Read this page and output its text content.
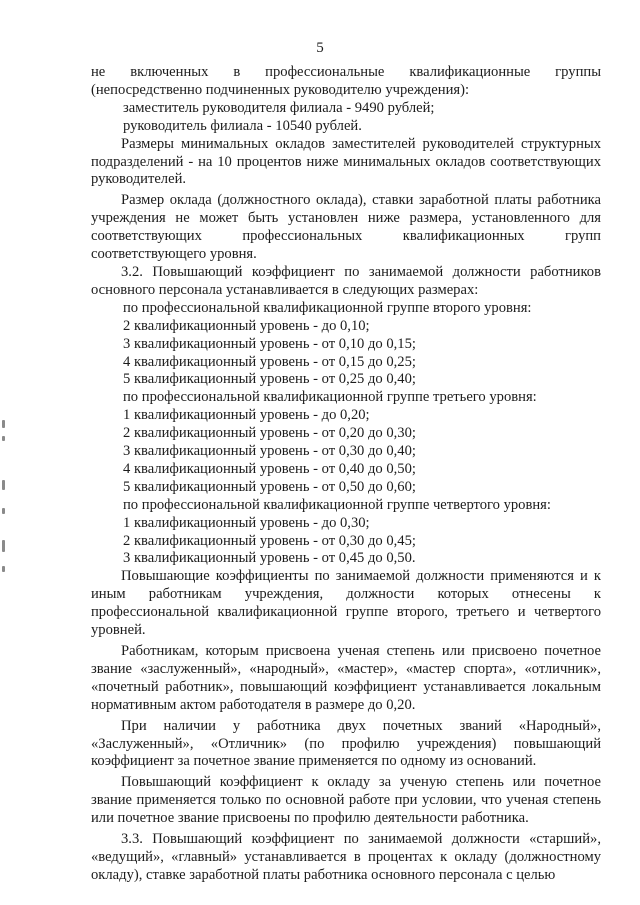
5

не включенных в профессиональные квалификационные группы

(непосредственно подчиненных руководителю учреждения):

заместитель руководителя филиала - 9490 рублей;

руководитель филиала - 10540 рублей.

Размеры минимальных окладов заместителей руководителей структурных подразделений - на 10 процентов ниже минимальных окладов соответствующих руководителей.

Размер оклада (должностного оклада), ставки заработной платы работника учреждения не может быть установлен ниже размера, установленного для соответствующих профессиональных квалификационных групп соответствующего уровня.

3.2. Повышающий коэффициент по занимаемой должности работников основного персонала устанавливается в следующих размерах:

по профессиональной квалификационной группе второго уровня:

2 квалификационный уровень - до 0,10;

3 квалификационный уровень - от 0,10 до 0,15;

4 квалификационный уровень - от 0,15 до 0,25;

5 квалификационный уровень - от 0,25 до 0,40;

по профессиональной квалификационной группе третьего уровня:

1 квалификационный уровень - до 0,20;

2 квалификационный уровень - от 0,20 до 0,30;

3 квалификационный уровень - от 0,30 до 0,40;

4 квалификационный уровень - от 0,40 до 0,50;

5 квалификационный уровень - от 0,50 до 0,60;

по профессиональной квалификационной группе четвертого уровня:

1 квалификационный уровень - до 0,30;

2 квалификационный уровень - от 0,30 до 0,45;

3 квалификационный уровень - от 0,45 до 0,50.

Повышающие коэффициенты по занимаемой должности применяются и к иным работникам учреждения, должности которых отнесены к профессиональной квалификационной группе второго, третьего и четвертого уровней.

Работникам, которым присвоена ученая степень или присвоено почетное звание «заслуженный», «народный», «мастер», «мастер спорта», «отличник», «почетный работник», повышающий коэффициент устанавливается локальным нормативным актом работодателя в размере до 0,20.

При наличии у работника двух почетных званий «Народный», «Заслуженный», «Отличник» (по профилю учреждения) повышающий коэффициент за почетное звание применяется по одному из оснований.

Повышающий коэффициент к окладу за ученую степень или почетное звание применяется только по основной работе при условии, что ученая степень или почетное звание присвоены по профилю деятельности работника.

3.3. Повышающий коэффициент по занимаемой должности «старший», «ведущий», «главный» устанавливается в процентах к окладу (должностному окладу), ставке заработной платы работника основного персонала с целью
